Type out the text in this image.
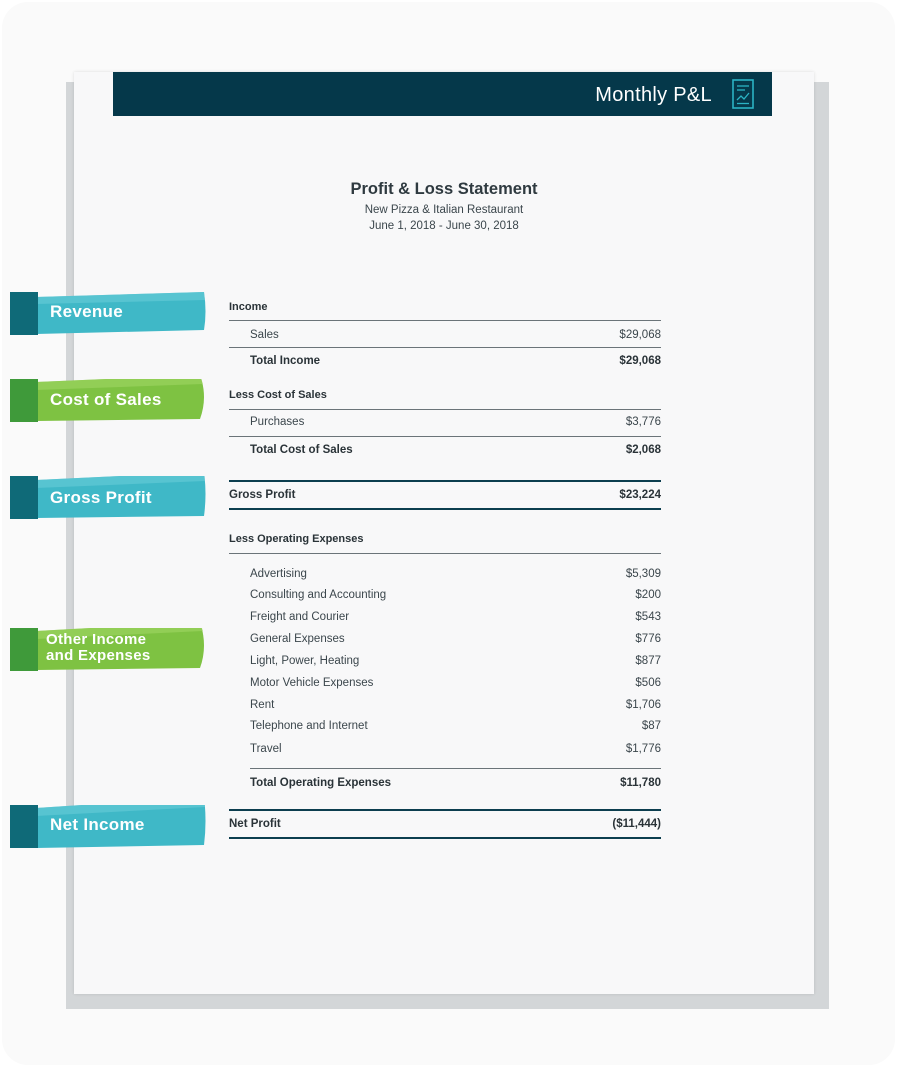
Monthly P&L
Profit & Loss Statement
New Pizza & Italian Restaurant
June 1, 2018 - June 30, 2018
Income
Sales	$29,068
Total Income	$29,068
Less Cost of Sales
Purchases	$3,776
Total Cost of Sales	$2,068
Gross Profit	$23,224
Less Operating Expenses
Advertising	$5,309
Consulting and Accounting	$200
Freight and Courier	$543
General Expenses	$776
Light, Power, Heating	$877
Motor Vehicle Expenses	$506
Rent	$1,706
Telephone and Internet	$87
Travel	$1,776
Total Operating Expenses	$11,780
Net Profit	($11,444)
Revenue
Cost of Sales
Gross Profit
Other Income
and Expenses
Net Income
